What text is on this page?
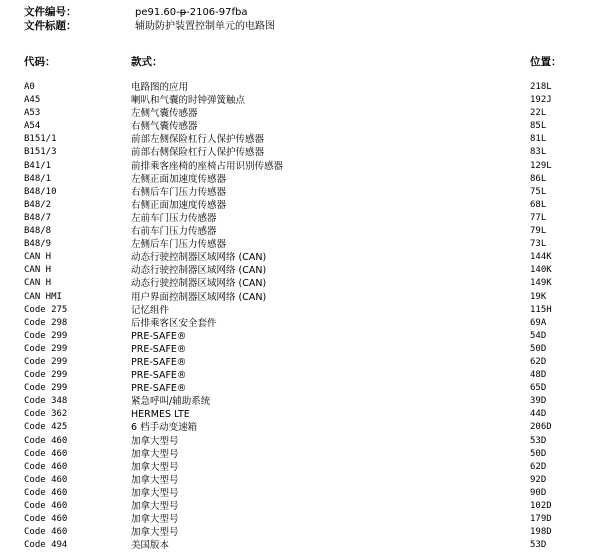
文件编号：	pe91.60-p-2106-97fba
文件标题：	辅助防护装置控制单元的电路图
代码：	款式：	位置：
A0	电路图的应用	218L
A45	喇叭和气囊的时钟弹簧触点	192J
A53	左侧气囊传感器	22L
A54	右侧气囊传感器	85L
B151/1	前部左侧保险杠行人保护传感器	81L
B151/3	前部右侧保险杠行人保护传感器	83L
B41/1	前排乘客座椅的座椅占用识别传感器	129L
B48/1	左侧正面加速度传感器	86L
B48/10	右侧后车门压力传感器	75L
B48/2	右侧正面加速度传感器	68L
B48/7	左前车门压力传感器	77L
B48/8	右前车门压力传感器	79L
B48/9	左侧后车门压力传感器	73L
CAN H	动态行驶控制器区域网络 (CAN)	144K
CAN H	动态行驶控制器区域网络 (CAN)	140K
CAN H	动态行驶控制器区域网络 (CAN)	149K
CAN HMI	用户界面控制器区域网络 (CAN)	19K
Code 275	记忆组件	115H
Code 298	后排乘客区安全套件	69A
Code 299	PRE-SAFE®	54D
Code 299	PRE-SAFE®	50D
Code 299	PRE-SAFE®	62D
Code 299	PRE-SAFE®	48D
Code 299	PRE-SAFE®	65D
Code 348	紧急呼叫/辅助系统	39D
Code 362	HERMES LTE	44D
Code 425	6 档手动变速箱	206D
Code 460	加拿大型号	53D
Code 460	加拿大型号	50D
Code 460	加拿大型号	62D
Code 460	加拿大型号	92D
Code 460	加拿大型号	90D
Code 460	加拿大型号	102D
Code 460	加拿大型号	179D
Code 460	加拿大型号	198D
Code 494	美国版本	53D
